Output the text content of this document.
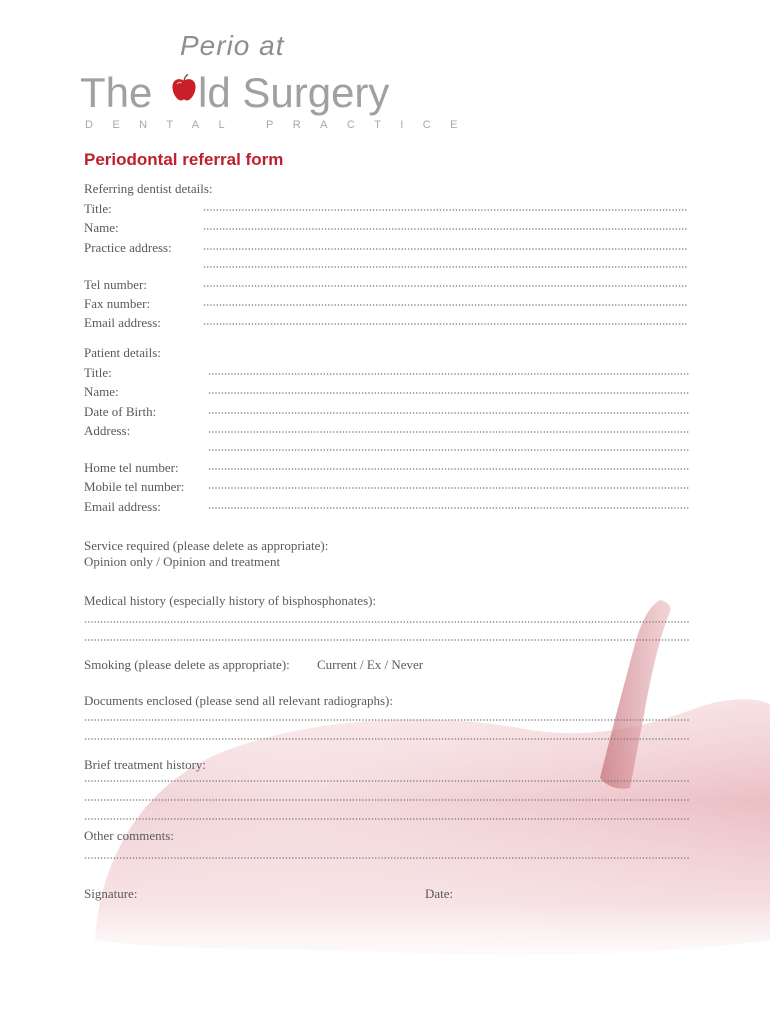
Perio at
The ld Surgery
DENTAL PRACTICE
Periodontal referral form
Referring dentist details:
Title:
Name:
Practice address:
Tel number:
Fax number:
Email address:
Patient details:
Title:
Name:
Date of Birth:
Address:
Home tel number:
Mobile tel number:
Email address:
Service required (please delete as appropriate):
Opinion only / Opinion and treatment
Medical history (especially history of bisphosphonates):
Smoking (please delete as appropriate): Current / Ex / Never
Documents enclosed (please send all relevant radiographs):
Brief treatment history:
Other comments:
Signature:	Date:
